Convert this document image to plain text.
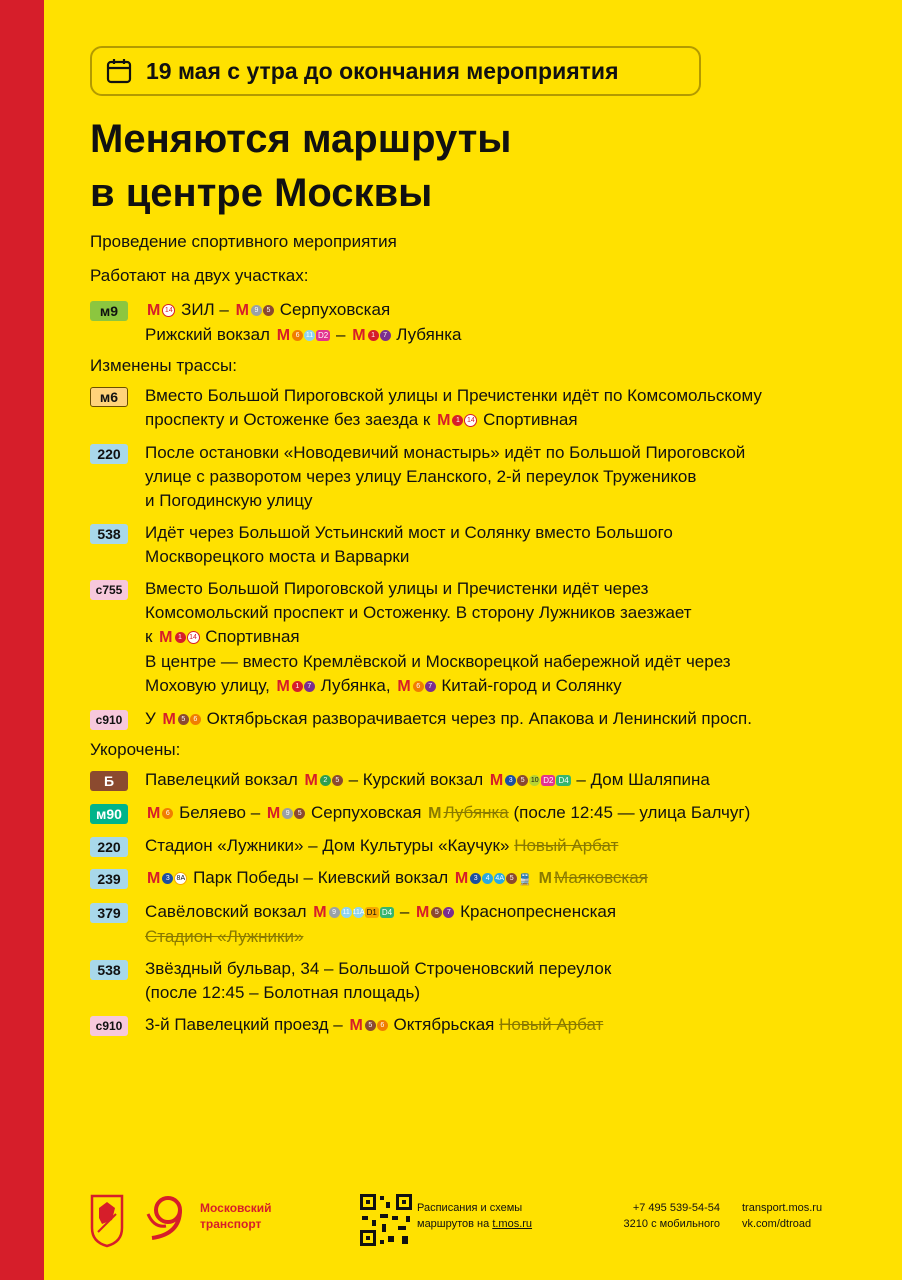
19 мая с утра до окончания мероприятия
Меняются маршруты
в центре Москвы
Проведение спортивного мероприятия
Работают на двух участках:
м9	M 14 ЗИЛ – M 9 5 Серпуховская
Рижский вокзал M 6 11 D2 – M 1 7 Лубянка
Изменены трассы:
м6	Вместо Большой Пироговской улицы и Пречистенки идёт по Комсомольскому
проспекту и Остоженке без заезда к M 1 14 Спортивная
220	После остановки «Новодевичий монастырь» идёт по Большой Пироговской
улице с разворотом через улицу Еланского, 2-й переулок Тружеников
и Погодинскую улицу
538	Идёт через Большой Устьинский мост и Солянку вместо Большого
Москворецкого моста и Варварки
с755	Вместо Большой Пироговской улицы и Пречистенки идёт через
Комсомольский проспект и Остоженку. В сторону Лужников заезжает
к M 1 14 Спортивная
В центре — вместо Кремлёвской и Москворецкой набережной идёт через
Моховую улицу, M 1 7 Лубянка, M 6 7 Китай-город и Солянку
с910	У M 5 6 Октябрьская разворачивается через пр. Апакова и Ленинский просп.
Укорочены:
Б	Павелецкий вокзал M 2 5 – Курский вокзал M 3 5 10 D2 D4 – Дом Шаляпина
м90	M 6 Беляево – M 9 5 Серпуховская M Лубянка (после 12:45 — улица Балчуг)
220	Стадион «Лужники» – Дом Культуры «Каучук» Новый Арбат
239	M 3 8A Парк Победы – Киевский вокзал M 3 4 4A 5 🚆 M Маяковская
379	Савёловский вокзал M 9 11 11A D1 D4 – M 5 7 Краснопресненская
Стадион «Лужники»
538	Звёздный бульвар, 34 – Большой Строченовский переулок
(после 12:45 – Болотная площадь)
с910	3-й Павелецкий проезд – M 5 6 Октябрьская Новый Арбат
Московский
транспорт
Расписания и схемы
маршрутов на t.mos.ru
+7 495 539-54-54
3210 с мобильного
transport.mos.ru
vk.com/dtroad
